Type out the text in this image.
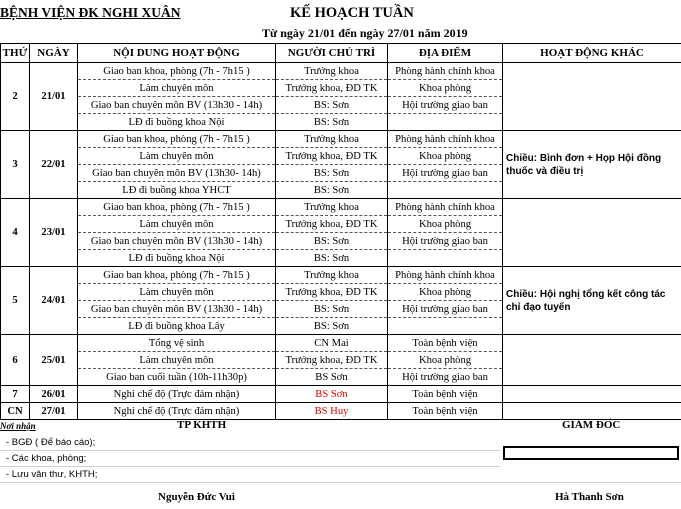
BỆNH VIỆN ĐK NGHI XUÂN	KẾ HOẠCH TUẦN
Từ ngày 21/01 đến ngày 27/01 năm 2019
THỨ	NGÀY	NỘI DUNG HOẠT ĐỘNG	NGƯỜI CHỦ TRÌ	ĐỊA ĐIỂM	HOẠT ĐỘNG KHÁC
2	21/01	Giao ban khoa, phòng (7h - 7h15 )	Trưởng khoa	Phòng hành chính khoa	
		Làm chuyên môn	Trưởng khoa, ĐD TK	Khoa phòng	
		Giao ban chuyên môn BV (13h30 - 14h)	BS: Sơn	Hội trường giao ban	
		LĐ đi buồng khoa Nội	BS: Sơn		
3	22/01	Giao ban khoa, phòng (7h - 7h15 )	Trưởng khoa	Phòng hành chính khoa	Chiều: Bình đơn + Họp Hội đồng thuốc và điều trị
		Làm chuyên môn	Trưởng khoa, ĐD TK	Khoa phòng	
		Giao ban chuyên môn BV (13h30- 14h)	BS: Sơn	Hội trường giao ban	
		LĐ đi buồng khoa YHCT	BS: Sơn		
4	23/01	Giao ban khoa, phòng (7h - 7h15 )	Trưởng khoa	Phòng hành chính khoa	
		Làm chuyên môn	Trưởng khoa, ĐD TK	Khoa phòng	
		Giao ban chuyên môn BV (13h30 - 14h)	BS: Sơn	Hội trường giao ban	
		LĐ đi buồng khoa Nội	BS: Sơn		
5	24/01	Giao ban khoa, phòng (7h - 7h15 )	Trưởng khoa	Phòng hành chính khoa	Chiều: Hội nghị tổng kết công tác chỉ đạo tuyến
		Làm chuyên môn	Trưởng khoa, ĐD TK	Khoa phòng	
		Giao ban chuyên môn BV (13h30 - 14h)	BS: Sơn	Hội trường giao ban	
		LĐ đi buồng khoa Lây	BS: Sơn		
6	25/01	Tổng vệ sinh	CN Mai	Toàn bệnh viện	
		Làm chuyên môn	Trưởng khoa, ĐD TK	Khoa phòng	
		Giao ban cuối tuần (10h-11h30p)	BS Sơn	Hội trường giao ban	
7	26/01	Nghỉ chế độ (Trực đảm nhận)	BS Sơn	Toàn bệnh viện	
CN	27/01	Nghỉ chế độ (Trực đảm nhận)	BS Huy	Toàn bệnh viện	
Nơi nhận	TP KHTH	GIÁM ĐỐC
- BGĐ ( Để báo cáo);
- Các khoa, phòng;
- Lưu văn thư, KHTH;
Nguyễn Đức Vui	Hà Thanh Sơn
